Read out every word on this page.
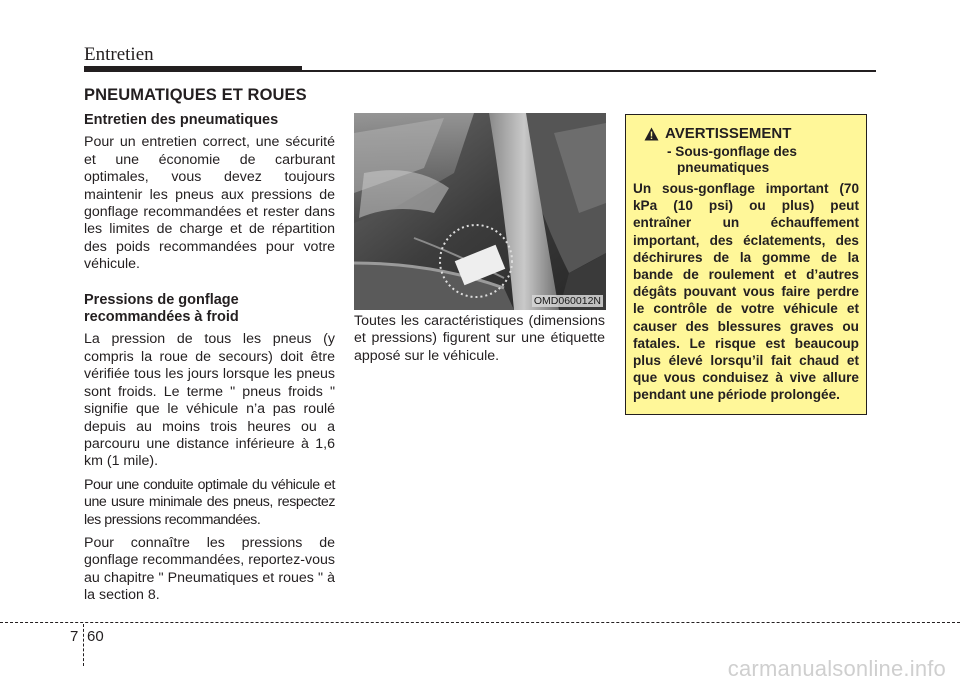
Entretien
PNEUMATIQUES ET ROUES

Entretien des pneumatiques

Pour un entretien correct, une sécurité et une économie de carburant optimales, vous devez toujours maintenir les pneus aux pressions de gonflage recommandées et rester dans les limites de charge et de répartition des poids recommandées pour votre véhicule.

Pressions de gonflage
recommandées à froid

La pression de tous les pneus (y compris la roue de secours) doit être vérifiée tous les jours lorsque les pneus sont froids. Le terme " pneus froids " signifie que le véhicule n’a pas roulé depuis au moins trois heures ou a parcouru une distance inférieure à 1,6 km (1 mile).

Pour une conduite optimale du véhicule et une usure minimale des pneus, respectez les pressions recommandées.

Pour connaître les pressions de gonflage recommandées, reportez-vous au chapitre " Pneumatiques et roues " à la section 8.

OMD060012N

Toutes les caractéristiques (dimensions et pressions) figurent sur une étiquette apposé sur le véhicule.

AVERTISSEMENT
- Sous-gonflage des
pneumatiques

Un sous-gonflage important (70 kPa (10 psi) ou plus) peut entraîner un échauffement important, des éclatements, des déchirures de la gomme de la bande de roulement et d’autres dégâts pouvant vous faire perdre le contrôle de votre véhicule et causer des blessures graves ou fatales. Le risque est beaucoup plus élevé lorsqu’il fait chaud et que vous conduisez à vive allure pendant une période prolongée.

7 60
carmanualsonline.info
